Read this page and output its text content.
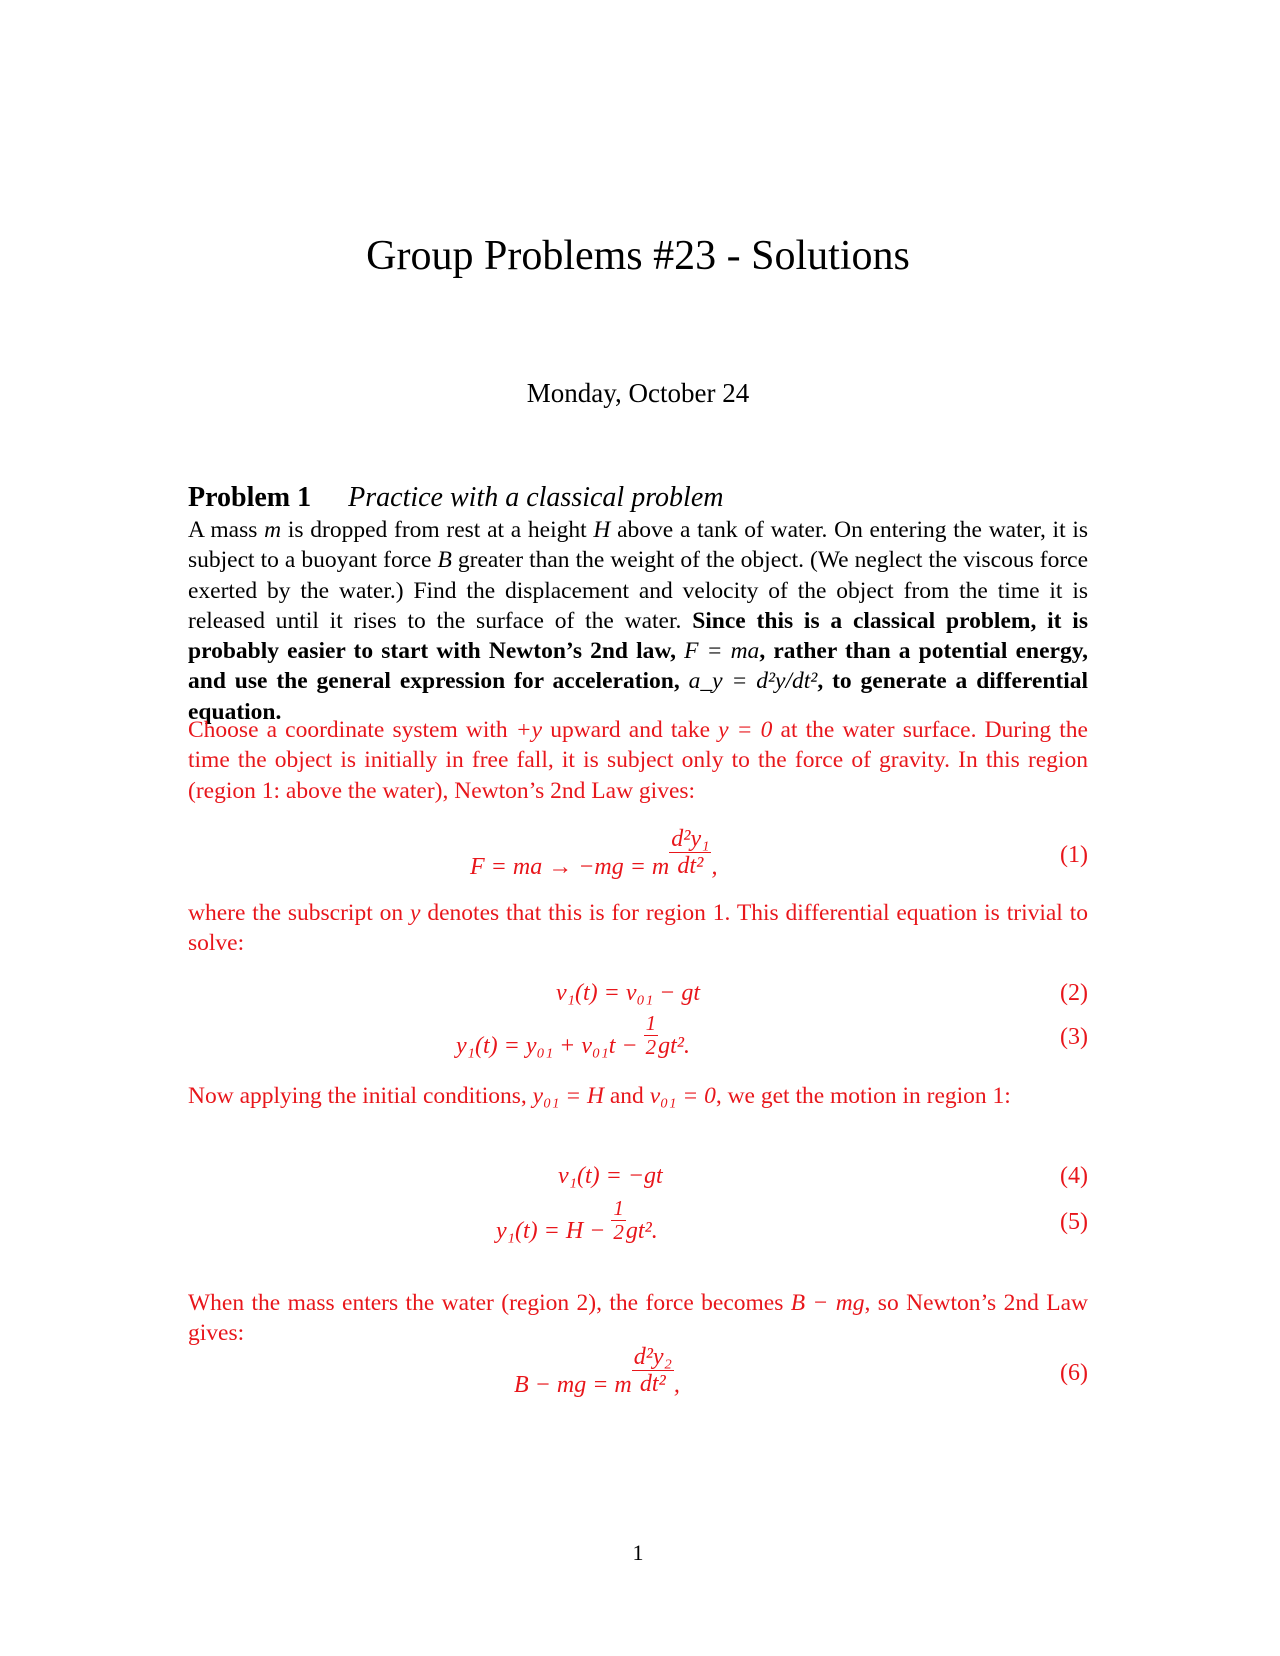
Group Problems #23 - Solutions
Monday, October 24
Problem 1 Practice with a classical problem
A mass m is dropped from rest at a height H above a tank of water. On entering the water, it is subject to a buoyant force B greater than the weight of the object. (We neglect the viscous force exerted by the water.) Find the displacement and velocity of the object from the time it is released until it rises to the surface of the water. Since this is a classical problem, it is probably easier to start with Newton’s 2nd law, F = ma, rather than a potential energy, and use the general expression for acceleration, a_y = d²y/dt², to generate a differential equation.
Choose a coordinate system with +y upward and take y = 0 at the water surface. During the time the object is initially in free fall, it is subject only to the force of gravity. In this region (region 1: above the water), Newton’s 2nd Law gives:
F = ma → −mg = m $\frac{\text{d²y₁}}{\text{dt²}}$ ,	(1)
where the subscript on y denotes that this is for region 1. This differential equation is trivial to solve:
v₁(t) = v₀₁ − gt	(2)
$y_1(t) = y_{01} + v_{01}t - \frac{1}{2} gt^2$.	(3)
Now applying the initial conditions, y₀₁ = H and v₀₁ = 0, we get the motion in region 1:
v₁(t) = −gt	(4)
$y_1(t) = H - \frac{1}{2} gt^2$.	(5)
When the mass enters the water (region 2), the force becomes B − mg, so Newton’s 2nd Law gives:
B − mg = m $\frac{\text{d²y₂}}{\text{dt²}}$ ,	(6)
1
